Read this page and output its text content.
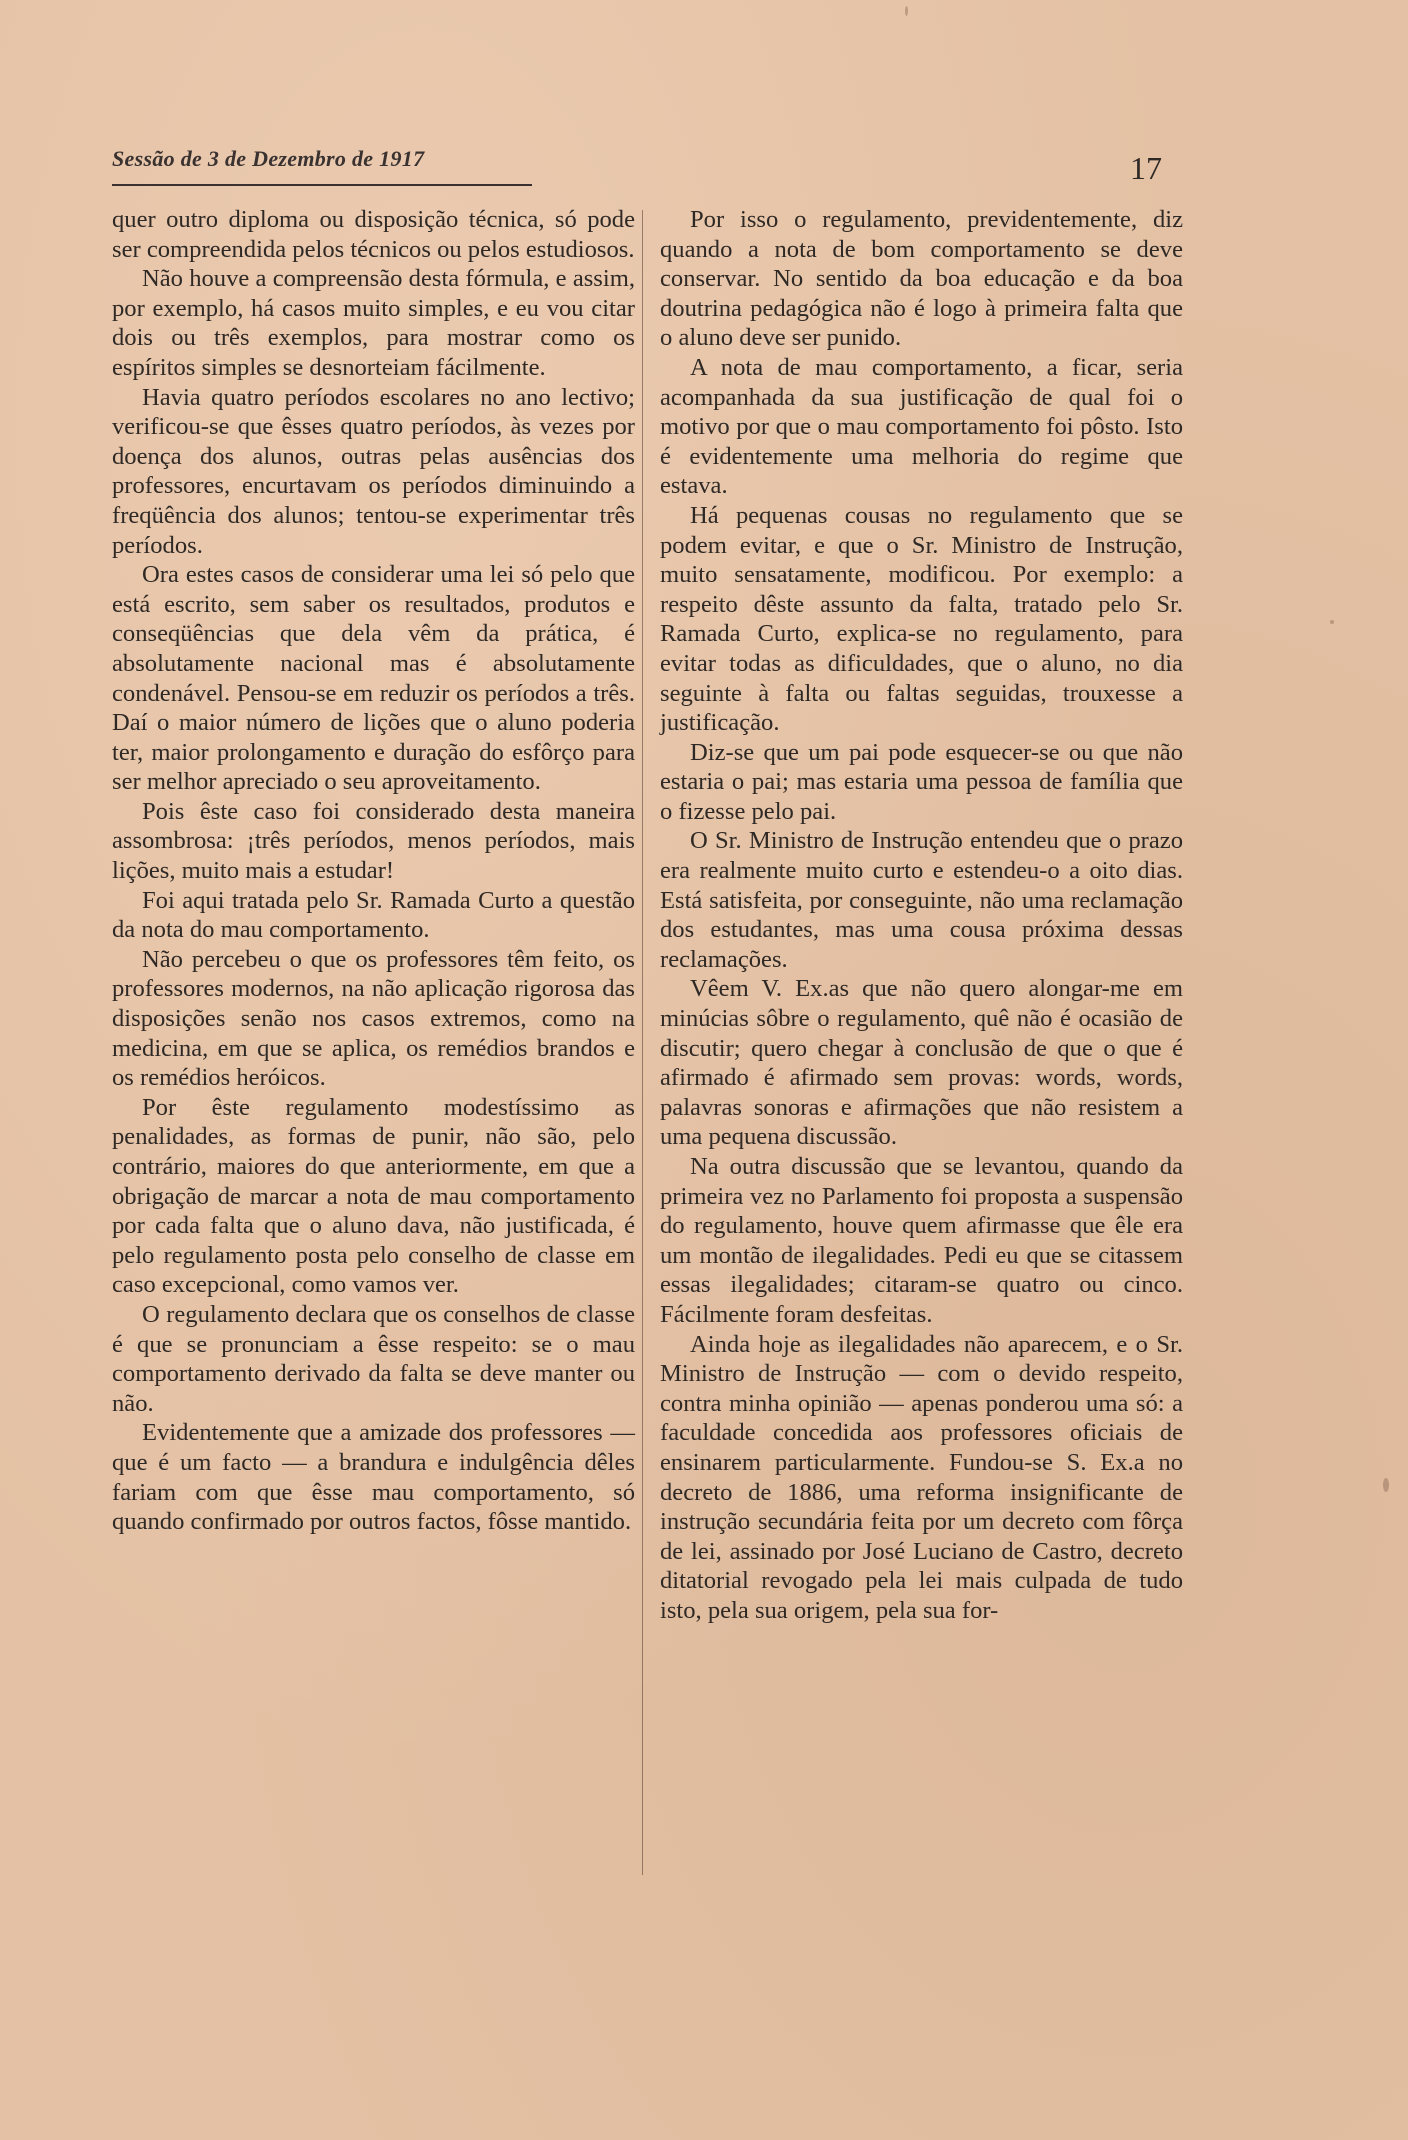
Sessão de 3 de Dezembro de 1917	17

quer outro diploma ou disposição técnica, só pode ser compreendida pelos técnicos ou pelos estudiosos.

Não houve a compreensão desta fórmula, e assim, por exemplo, há casos muito simples, e eu vou citar dois ou três exemplos, para mostrar como os espíritos simples se desnorteiam fácilmente.

Havia quatro períodos escolares no ano lectivo; verificou-se que êsses quatro períodos, às vezes por doença dos alunos, outras pelas ausências dos professores, encurtavam os períodos diminuindo a freqüência dos alunos; tentou-se experimentar três períodos.

Ora estes casos de considerar uma lei só pelo que está escrito, sem saber os resultados, produtos e conseqüências que dela vêm da prática, é absolutamente nacional mas é absolutamente condenável. Pensou-se em reduzir os períodos a três. Daí o maior número de lições que o aluno poderia ter, maior prolongamento e duração do esfôrço para ser melhor apreciado o seu aproveitamento.

Pois êste caso foi considerado desta maneira assombrosa: ¡três períodos, menos períodos, mais lições, muito mais a estudar!

Foi aqui tratada pelo Sr. Ramada Curto a questão da nota do mau comportamento.

Não percebeu o que os professores têm feito, os professores modernos, na não aplicação rigorosa das disposições senão nos casos extremos, como na medicina, em que se aplica, os remédios brandos e os remédios heróicos.

Por êste regulamento modestíssimo as penalidades, as formas de punir, não são, pelo contrário, maiores do que anteriormente, em que a obrigação de marcar a nota de mau comportamento por cada falta que o aluno dava, não justificada, é pelo regulamento posta pelo conselho de classe em caso excepcional, como vamos ver.

O regulamento declara que os conselhos de classe é que se pronunciam a êsse respeito: se o mau comportamento derivado da falta se deve manter ou não.

Evidentemente que a amizade dos professores — que é um facto — a brandura e indulgência dêles fariam com que êsse mau comportamento, só quando confirmado por outros factos, fôsse mantido.

Por isso o regulamento, previdentemente, diz quando a nota de bom comportamento se deve conservar. No sentido da boa educação e da boa doutrina pedagógica não é logo à primeira falta que o aluno deve ser punido.

A nota de mau comportamento, a ficar, seria acompanhada da sua justificação de qual foi o motivo por que o mau comportamento foi pôsto. Isto é evidentemente uma melhoria do regime que estava.

Há pequenas cousas no regulamento que se podem evitar, e que o Sr. Ministro de Instrução, muito sensatamente, modificou. Por exemplo: a respeito dêste assunto da falta, tratado pelo Sr. Ramada Curto, explica-se no regulamento, para evitar todas as dificuldades, que o aluno, no dia seguinte à falta ou faltas seguidas, trouxesse a justificação.

Diz-se que um pai pode esquecer-se ou que não estaria o pai; mas estaria uma pessoa de família que o fizesse pelo pai.

O Sr. Ministro de Instrução entendeu que o prazo era realmente muito curto e estendeu-o a oito dias. Está satisfeita, por conseguinte, não uma reclamação dos estudantes, mas uma cousa próxima dessas reclamações.

Vêem V. Ex.as que não quero alongar-me em minúcias sôbre o regulamento, quê não é ocasião de discutir; quero chegar à conclusão de que o que é afirmado é afirmado sem provas: words, words, palavras sonoras e afirmações que não resistem a uma pequena discussão.

Na outra discussão que se levantou, quando da primeira vez no Parlamento foi proposta a suspensão do regulamento, houve quem afirmasse que êle era um montão de ilegalidades. Pedi eu que se citassem essas ilegalidades; citaram-se quatro ou cinco. Fácilmente foram desfeitas.

Ainda hoje as ilegalidades não aparecem, e o Sr. Ministro de Instrução — com o devido respeito, contra minha opinião — apenas ponderou uma só: a faculdade concedida aos professores oficiais de ensinarem particularmente. Fundou-se S. Ex.a no decreto de 1886, uma reforma insignificante de instrução secundária feita por um decreto com fôrça de lei, assinado por José Luciano de Castro, decreto ditatorial revogado pela lei mais culpada de tudo isto, pela sua origem, pela sua for-
